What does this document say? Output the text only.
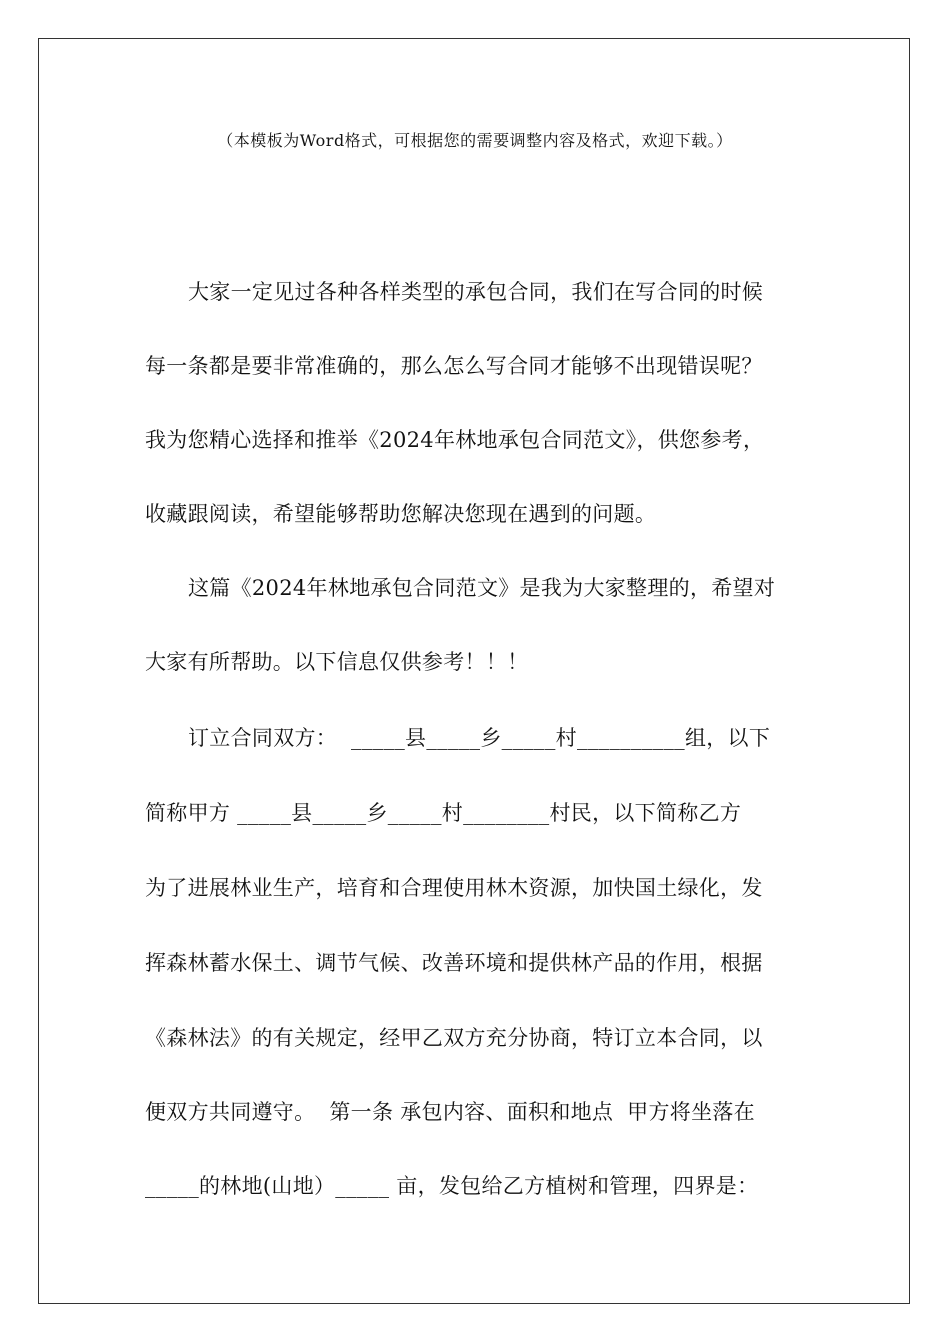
（本模板为Word格式，可根据您的需要调整内容及格式，欢迎下载。）
大家一定见过各种各样类型的承包合同，我们在写合同的时候
每一条都是要非常准确的，那么怎么写合同才能够不出现错误呢？
我为您精心选择和推举《2024年林地承包合同范文》，供您参考，
收藏跟阅读，希望能够帮助您解决您现在遇到的问题。
这篇《2024年林地承包合同范文》是我为大家整理的，希望对
大家有所帮助。以下信息仅供参考！！！
订立合同双方：  _____县_____乡_____村__________组，以下
简称甲方 _____县_____乡_____村________村民，以下简称乙方
为了进展林业生产，培育和合理使用林木资源，加快国土绿化，发
挥森林蓄水保土、调节气候、改善环境和提供林产品的作用，根据
《森林法》的有关规定，经甲乙双方充分协商，特订立本合同，以
便双方共同遵守。  第一条 承包内容、面积和地点  甲方将坐落在
_____的林地(山地）_____ 亩，发包给乙方植树和管理，四界是：
